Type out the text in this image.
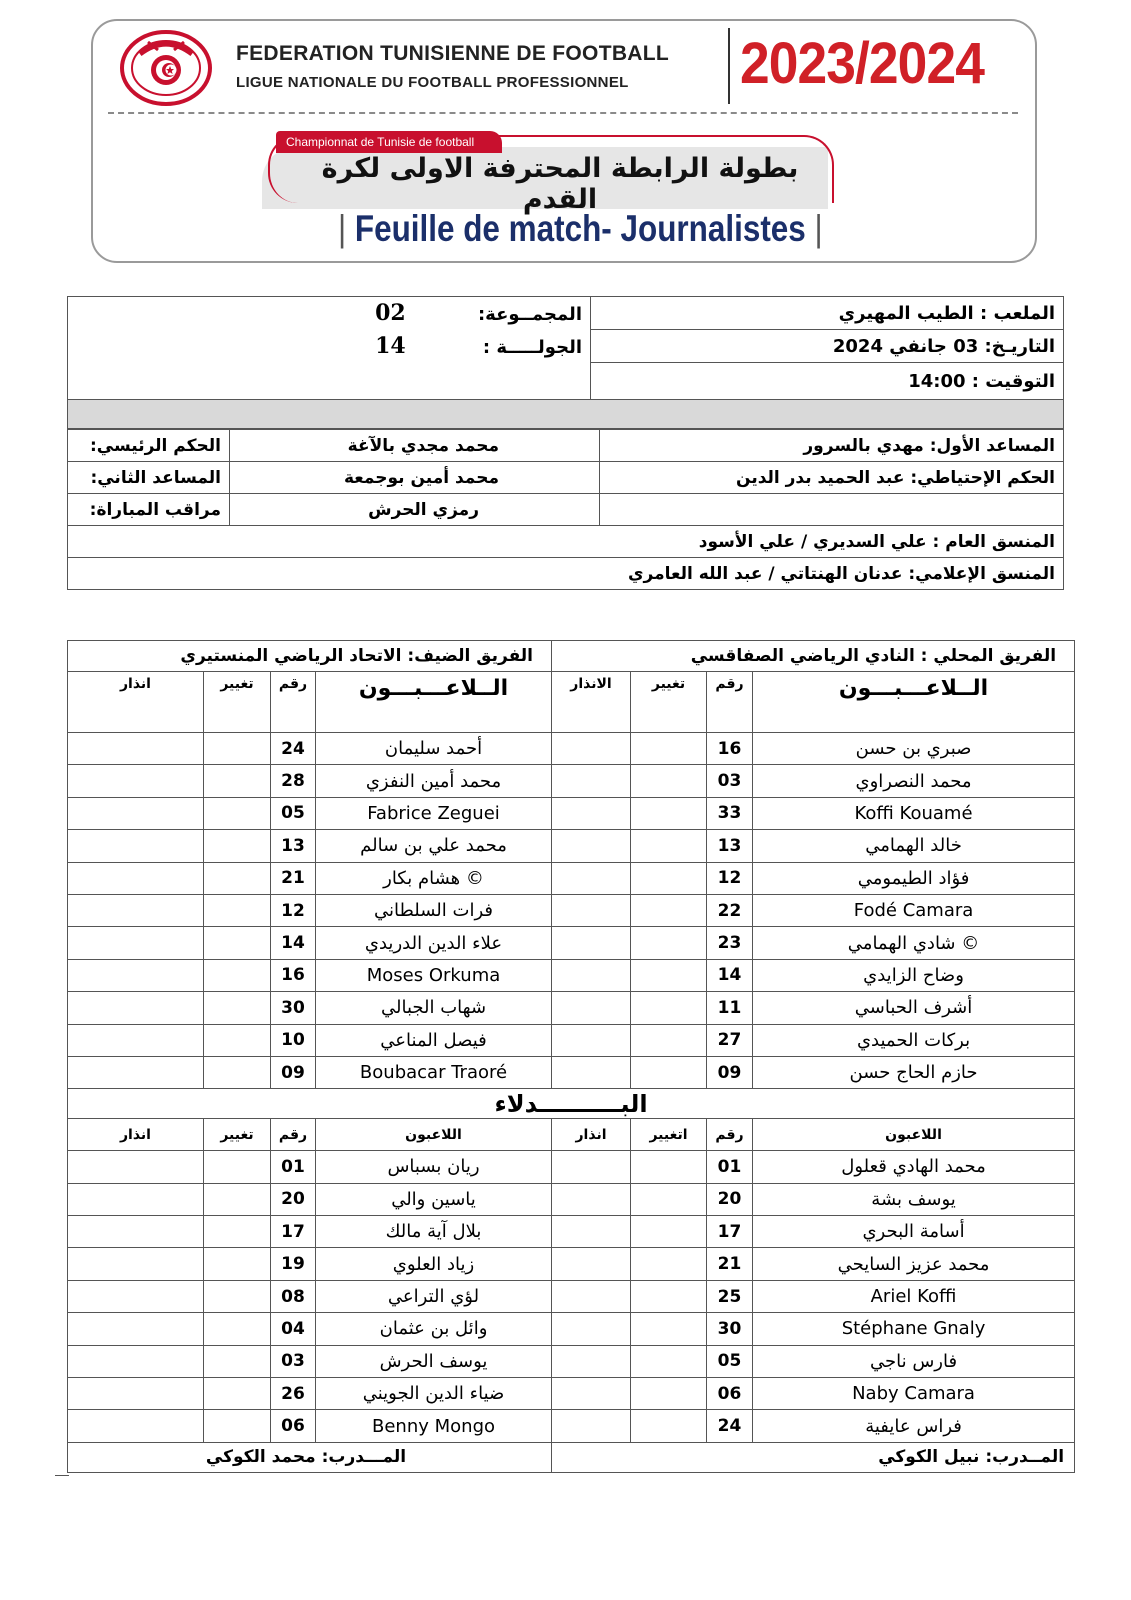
FEDERATION TUNISIENNE DE FOOTBALL
LIGUE NATIONALE DU FOOTBALL PROFESSIONNEL 2023/2024
Championnat de Tunisie de football
بطولة الرابطة المحترفة الاولى لكرة القدم
| Feuille de match- Journalistes |
المجمــوعة: 02	الملعب : الطيب المهيري
الجولـــــة : 14	التاريـخ: 03 جانفي 2024
	التوقيت : 14:00

الحكم الرئيسي:	محمد مجدي بالآغة	المساعد الأول: مهدي بالسرور
المساعد الثاني:	محمد أمين بوجمعة	الحكم الإحتياطي: عبد الحميد بدر الدين
مراقب المباراة:	رمزي الحرش	
المنسق العام : علي السديري / علي الأسود		
المنسق الإعلامي: عدنان الهنتاتي / عبد الله العامري		
الفريق الضيف: الاتحاد الرياضي المنستيري				الفريق المحلي : النادي الرياضي الصفاقسي			
انذار	تغيير	رقم	الــلاعـــبـــون	الانذار	تغيير	رقم	الــلاعـــبـــون
		24	أحمد سليمان			16	صبري بن حسن
		28	محمد أمين النفزي			03	محمد النصراوي
		05	Fabrice Zeguei			33	Koffi Kouamé
		13	محمد علي بن سالم			13	خالد الهمامي
		21	هشام بكار ©			12	فؤاد الطيمومي
		12	فرات السلطاني			22	Fodé Camara
		14	علاء الدين الدريدي			23	شادي الهمامي ©
		16	Moses Orkuma			14	وضاح الزايدي
		30	شهاب الجبالي			11	أشرف الحباسي
		10	فيصل المناعي			27	بركات الحميدي
		09	Boubacar Traoré			09	حازم الحاج حسن
البــــــــــدلاء							
انذار	تغيير	رقم	اللاعبون	انذار	اتغيير	رقم	اللاعبون
		01	ريان بسباس			01	محمد الهادي قعلول
		20	ياسين والي			20	يوسف بشة
		17	بلال آية مالك			17	أسامة البحري
		19	زياد العلوي			21	محمد عزيز السايحي
		08	لؤي التراعي			25	Ariel Koffi
		04	وائل بن عثمان			30	Stéphane Gnaly
		03	يوسف الحرش			05	فارس ناجي
		26	ضياء الدين الجويني			06	Naby Camara
		06	Benny Mongo			24	فراس عايفية
المـــدرب: محمد الكوكي				المــدرب: نبيل الكوكي			
